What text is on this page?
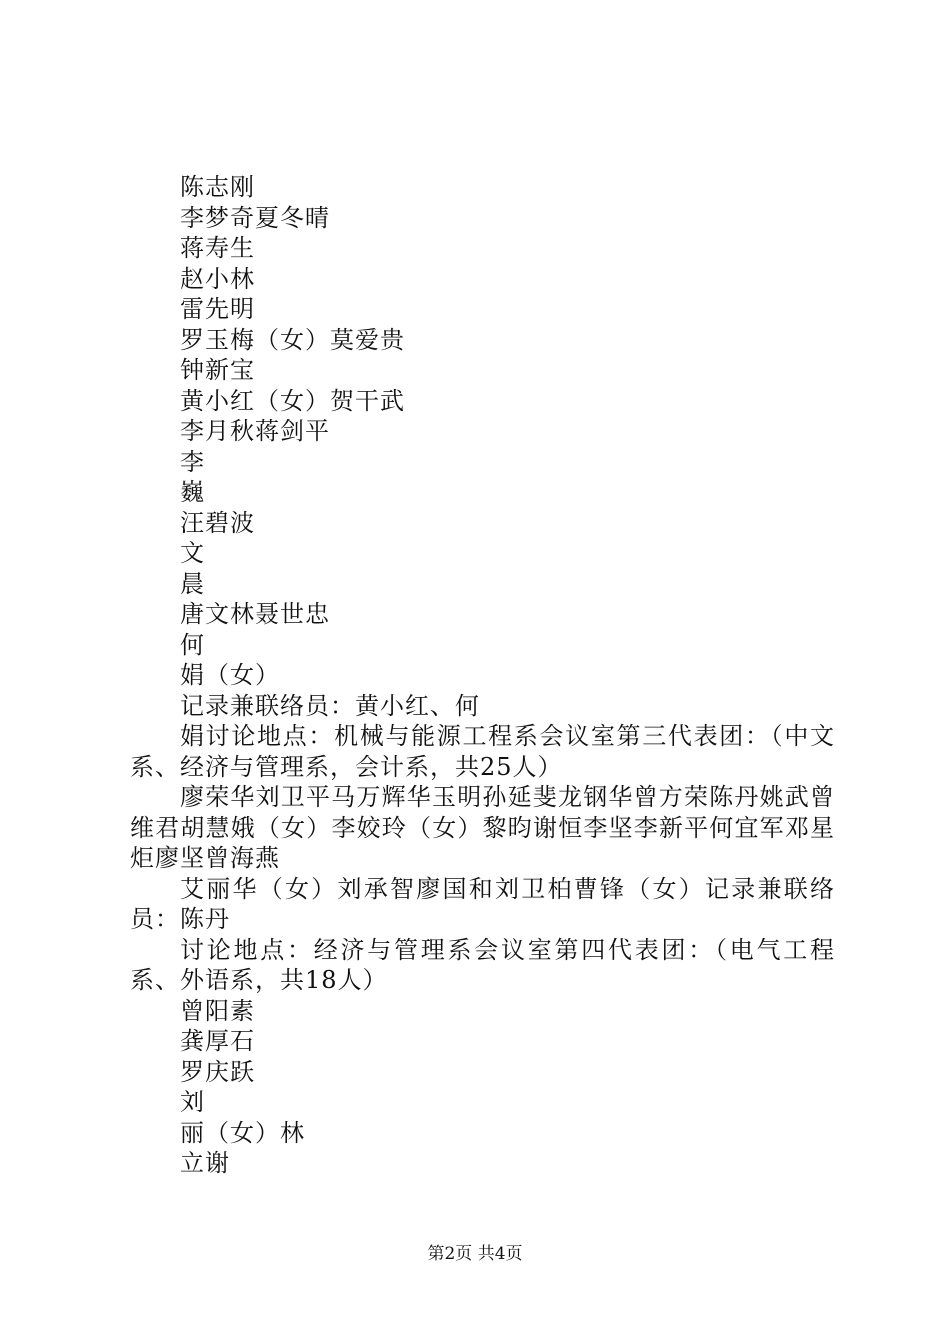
陈志刚
李梦奇夏冬晴
蒋寿生
赵小林
雷先明
罗玉梅（女）莫爱贵
钟新宝
黄小红（女）贺干武
李月秋蒋剑平
李
巍
汪碧波
文
晨
唐文林聂世忠
何
娟（女）
记录兼联络员：黄小红、何
娟讨论地点：机械与能源工程系会议室第三代表团：（中文系、经济与管理系，会计系，共25人）
廖荣华刘卫平马万辉华玉明孙延斐龙钢华曾方荣陈丹姚武曾维君胡慧娥（女）李姣玲（女）黎昀谢恒李坚李新平何宜军邓星炬廖坚曾海燕
艾丽华（女）刘承智廖国和刘卫柏曹锋（女）记录兼联络员：陈丹
讨论地点：经济与管理系会议室第四代表团：（电气工程系、外语系，共18人）
曾阳素
龚厚石
罗庆跃
刘
丽（女）林
立谢
第2页 共4页
